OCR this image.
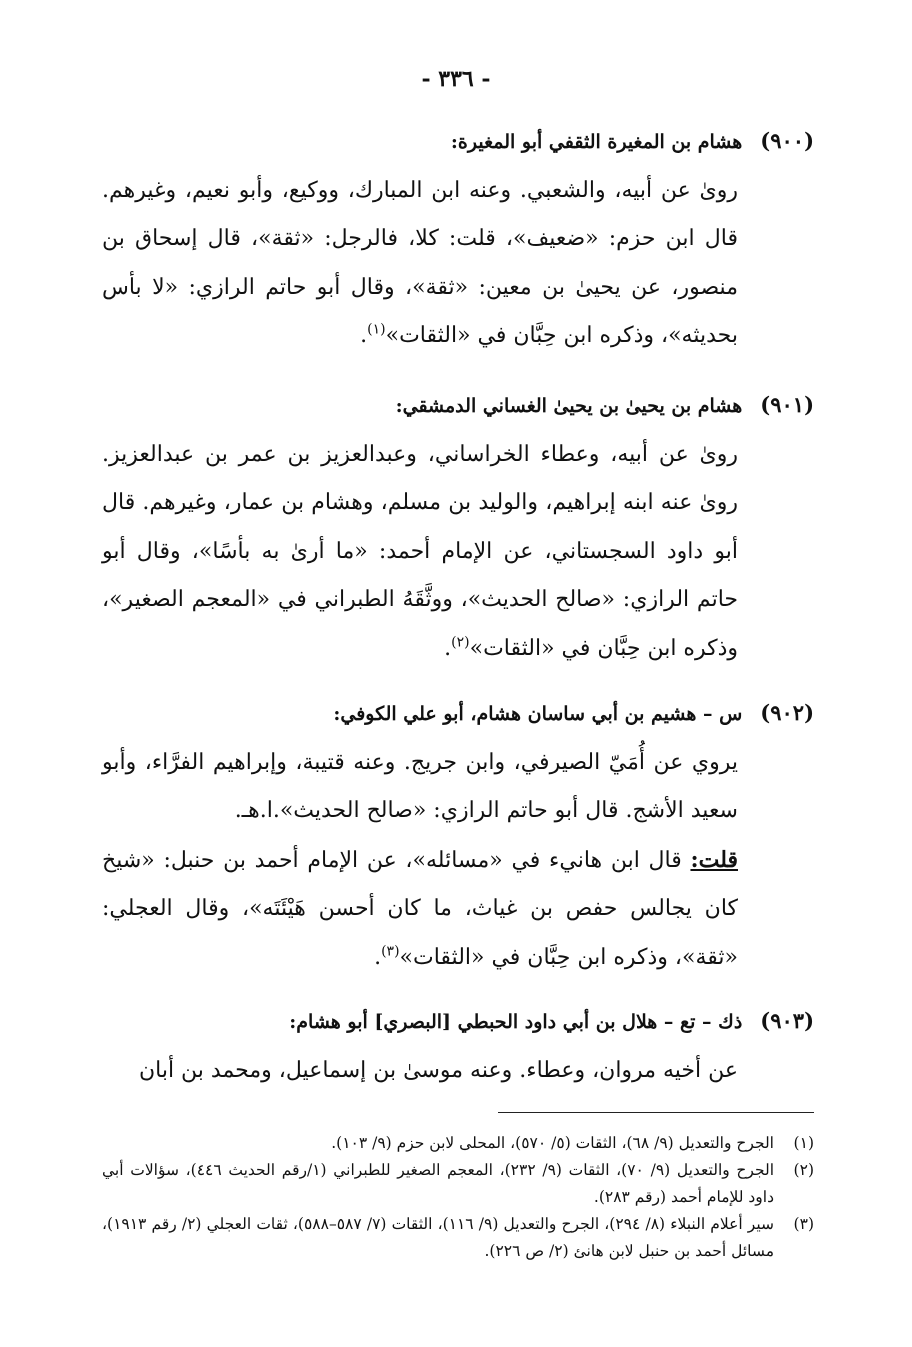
- ٣٣٦ -
(٩٠٠)
هشام بن المغيرة الثقفي أبو المغيرة:

روىٰ عن أبيه، والشعبي. وعنه ابن المبارك، ووكيع، وأبو نعيم، وغيرهم. قال ابن حزم: «ضعيف»، قلت: كلا، فالرجل: «ثقة»، قال إسحاق بن منصور، عن يحيىٰ بن معين: «ثقة»، وقال أبو حاتم الرازي: «لا بأس بحديثه»، وذكره ابن حِبَّان في «الثقات»$^{(١)}$.

(٩٠١)
هشام بن يحيىٰ بن يحيىٰ الغساني الدمشقي:

روىٰ عن أبيه، وعطاء الخراساني، وعبدالعزيز بن عمر بن عبدالعزيز. روىٰ عنه ابنه إبراهيم، والوليد بن مسلم، وهشام بن عمار، وغيرهم. قال أبو داود السجستاني، عن الإمام أحمد: «ما أرىٰ به بأسًا»، وقال أبو حاتم الرازي: «صالح الحديث»، ووثَّقَهُ الطبراني في «المعجم الصغير»، وذكره ابن حِبَّان في «الثقات»$^{(٢)}$.

(٩٠٢)
س – هشيم بن أبي ساسان هشام، أبو علي الكوفي:

يروي عن أُمَيّ الصيرفي، وابن جريج. وعنه قتيبة، وإبراهيم الفرَّاء، وأبو سعيد الأشج. قال أبو حاتم الرازي: «صالح الحديث».ا.هـ.

قلت: قال ابن هانيء في «مسائله»، عن الإمام أحمد بن حنبل: «شيخ كان يجالس حفص بن غياث، ما كان أحسن هَيْئَتَه»، وقال العجلي: «ثقة»، وذكره ابن حِبَّان في «الثقات»$^{(٣)}$.

(٩٠٣)
ذك – تع – هلال بن أبي داود الحبطي [البصري] أبو هشام:

عن أخيه مروان، وعطاء. وعنه موسىٰ بن إسماعيل، ومحمد بن أبان

(١)
الجرح والتعديل (٩/ ٦٨)، الثقات (٥/ ٥٧٠)، المحلى لابن حزم (٩/ ١٠٣).
(٢)
الجرح والتعديل (٩/ ٧٠)، الثقات (٩/ ٢٣٢)، المعجم الصغير للطبراني (١/رقم الحديث ٤٤٦)، سؤالات أبي داود للإمام أحمد (رقم ٢٨٣).
(٣)
سير أعلام النبلاء (٨/ ٢٩٤)، الجرح والتعديل (٩/ ١١٦)، الثقات (٧/ ٥٨٧–٥٨٨)، ثقات العجلي (٢/ رقم ١٩١٣)، مسائل أحمد بن حنبل لابن هانئ (٢/ ص ٢٢٦).
